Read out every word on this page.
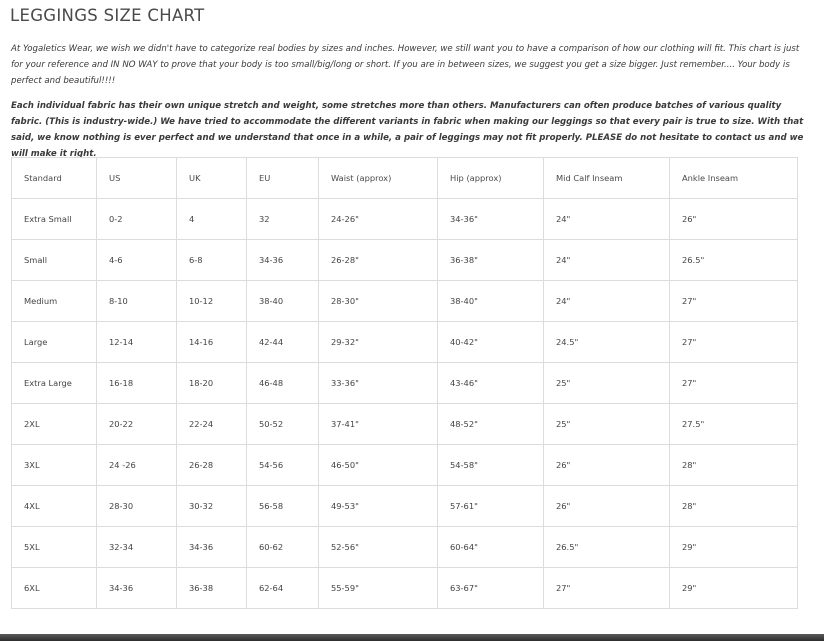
LEGGINGS SIZE CHART

At Yogaletics Wear, we wish we didn't have to categorize real bodies by sizes and inches. However, we still want you to have a comparison of how our clothing will fit. This chart is just for your reference and IN NO WAY to prove that your body is too small/big/long or short. If you are in between sizes, we suggest you get a size bigger. Just remember.... Your body is perfect and beautiful!!!!

Each individual fabric has their own unique stretch and weight, some stretches more than others. Manufacturers can often produce batches of various quality fabric. (This is industry-wide.) We have tried to accommodate the different variants in fabric when making our leggings so that every pair is true to size. With that said, we know nothing is ever perfect and we understand that once in a while, a pair of leggings may not fit properly. PLEASE do not hesitate to contact us and we will make it right.

Standard	US	UK	EU	Waist (approx)	Hip (approx)	Mid Calf Inseam	Ankle Inseam
Extra Small	0-2	4	32	24-26"	34-36"	24"	26"
Small	4-6	6-8	34-36	26-28"	36-38"	24"	26.5"
Medium	8-10	10-12	38-40	28-30"	38-40"	24"	27"
Large	12-14	14-16	42-44	29-32"	40-42"	24.5"	27"
Extra Large	16-18	18-20	46-48	33-36"	43-46"	25"	27"
2XL	20-22	22-24	50-52	37-41"	48-52"	25"	27.5"
3XL	24 -26	26-28	54-56	46-50"	54-58"	26"	28"
4XL	28-30	30-32	56-58	49-53"	57-61"	26"	28"
5XL	32-34	34-36	60-62	52-56"	60-64"	26.5"	29"
6XL	34-36	36-38	62-64	55-59"	63-67"	27"	29"
